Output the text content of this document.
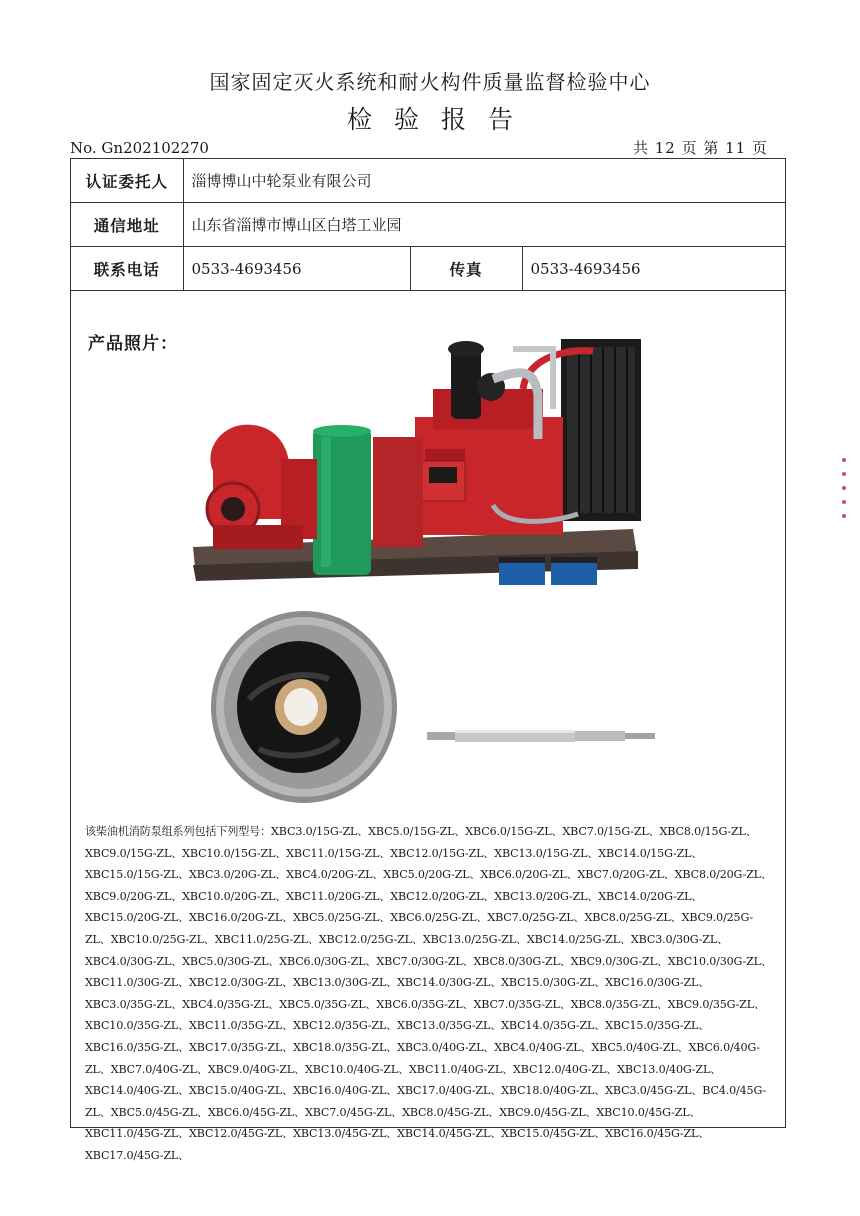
国家固定灭火系统和耐火构件质量监督检验中心
检验报告
No. Gn202102270	共 12 页 第 11 页
认证委托人	淄博博山中轮泵业有限公司		
通信地址	山东省淄博市博山区白塔工业园		
联系电话	0533-4693456	传真	0533-4693456
产品照片：
该柴油机消防泵组系列包括下列型号：XBC3.0/15G-ZL、XBC5.0/15G-ZL、XBC6.0/15G-ZL、XBC7.0/15G-ZL、XBC8.0/15G-ZL、XBC9.0/15G-ZL、XBC10.0/15G-ZL、XBC11.0/15G-ZL、XBC12.0/15G-ZL、XBC13.0/15G-ZL、XBC14.0/15G-ZL、XBC15.0/15G-ZL、XBC3.0/20G-ZL、XBC4.0/20G-ZL、XBC5.0/20G-ZL、XBC6.0/20G-ZL、XBC7.0/20G-ZL、XBC8.0/20G-ZL、XBC9.0/20G-ZL、XBC10.0/20G-ZL、XBC11.0/20G-ZL、XBC12.0/20G-ZL、XBC13.0/20G-ZL、XBC14.0/20G-ZL、XBC15.0/20G-ZL、XBC16.0/20G-ZL、XBC5.0/25G-ZL、XBC6.0/25G-ZL、XBC7.0/25G-ZL、XBC8.0/25G-ZL、XBC9.0/25G-ZL、XBC10.0/25G-ZL、XBC11.0/25G-ZL、XBC12.0/25G-ZL、XBC13.0/25G-ZL、XBC14.0/25G-ZL、XBC3.0/30G-ZL、XBC4.0/30G-ZL、XBC5.0/30G-ZL、XBC6.0/30G-ZL、XBC7.0/30G-ZL、XBC8.0/30G-ZL、XBC9.0/30G-ZL、XBC10.0/30G-ZL、XBC11.0/30G-ZL、XBC12.0/30G-ZL、XBC13.0/30G-ZL、XBC14.0/30G-ZL、XBC15.0/30G-ZL、XBC16.0/30G-ZL、XBC3.0/35G-ZL、XBC4.0/35G-ZL、XBC5.0/35G-ZL、XBC6.0/35G-ZL、XBC7.0/35G-ZL、XBC8.0/35G-ZL、XBC9.0/35G-ZL、XBC10.0/35G-ZL、XBC11.0/35G-ZL、XBC12.0/35G-ZL、XBC13.0/35G-ZL、XBC14.0/35G-ZL、XBC15.0/35G-ZL、XBC16.0/35G-ZL、XBC17.0/35G-ZL、XBC18.0/35G-ZL、XBC3.0/40G-ZL、XBC4.0/40G-ZL、XBC5.0/40G-ZL、XBC6.0/40G-ZL、XBC7.0/40G-ZL、XBC9.0/40G-ZL、XBC10.0/40G-ZL、XBC11.0/40G-ZL、XBC12.0/40G-ZL、XBC13.0/40G-ZL、XBC14.0/40G-ZL、XBC15.0/40G-ZL、XBC16.0/40G-ZL、XBC17.0/40G-ZL、XBC18.0/40G-ZL、XBC3.0/45G-ZL、BC4.0/45G-ZL、XBC5.0/45G-ZL、XBC6.0/45G-ZL、XBC7.0/45G-ZL、XBC8.0/45G-ZL、XBC9.0/45G-ZL、XBC10.0/45G-ZL、XBC11.0/45G-ZL、XBC12.0/45G-ZL、XBC13.0/45G-ZL、XBC14.0/45G-ZL、XBC15.0/45G-ZL、XBC16.0/45G-ZL、XBC17.0/45G-ZL、
